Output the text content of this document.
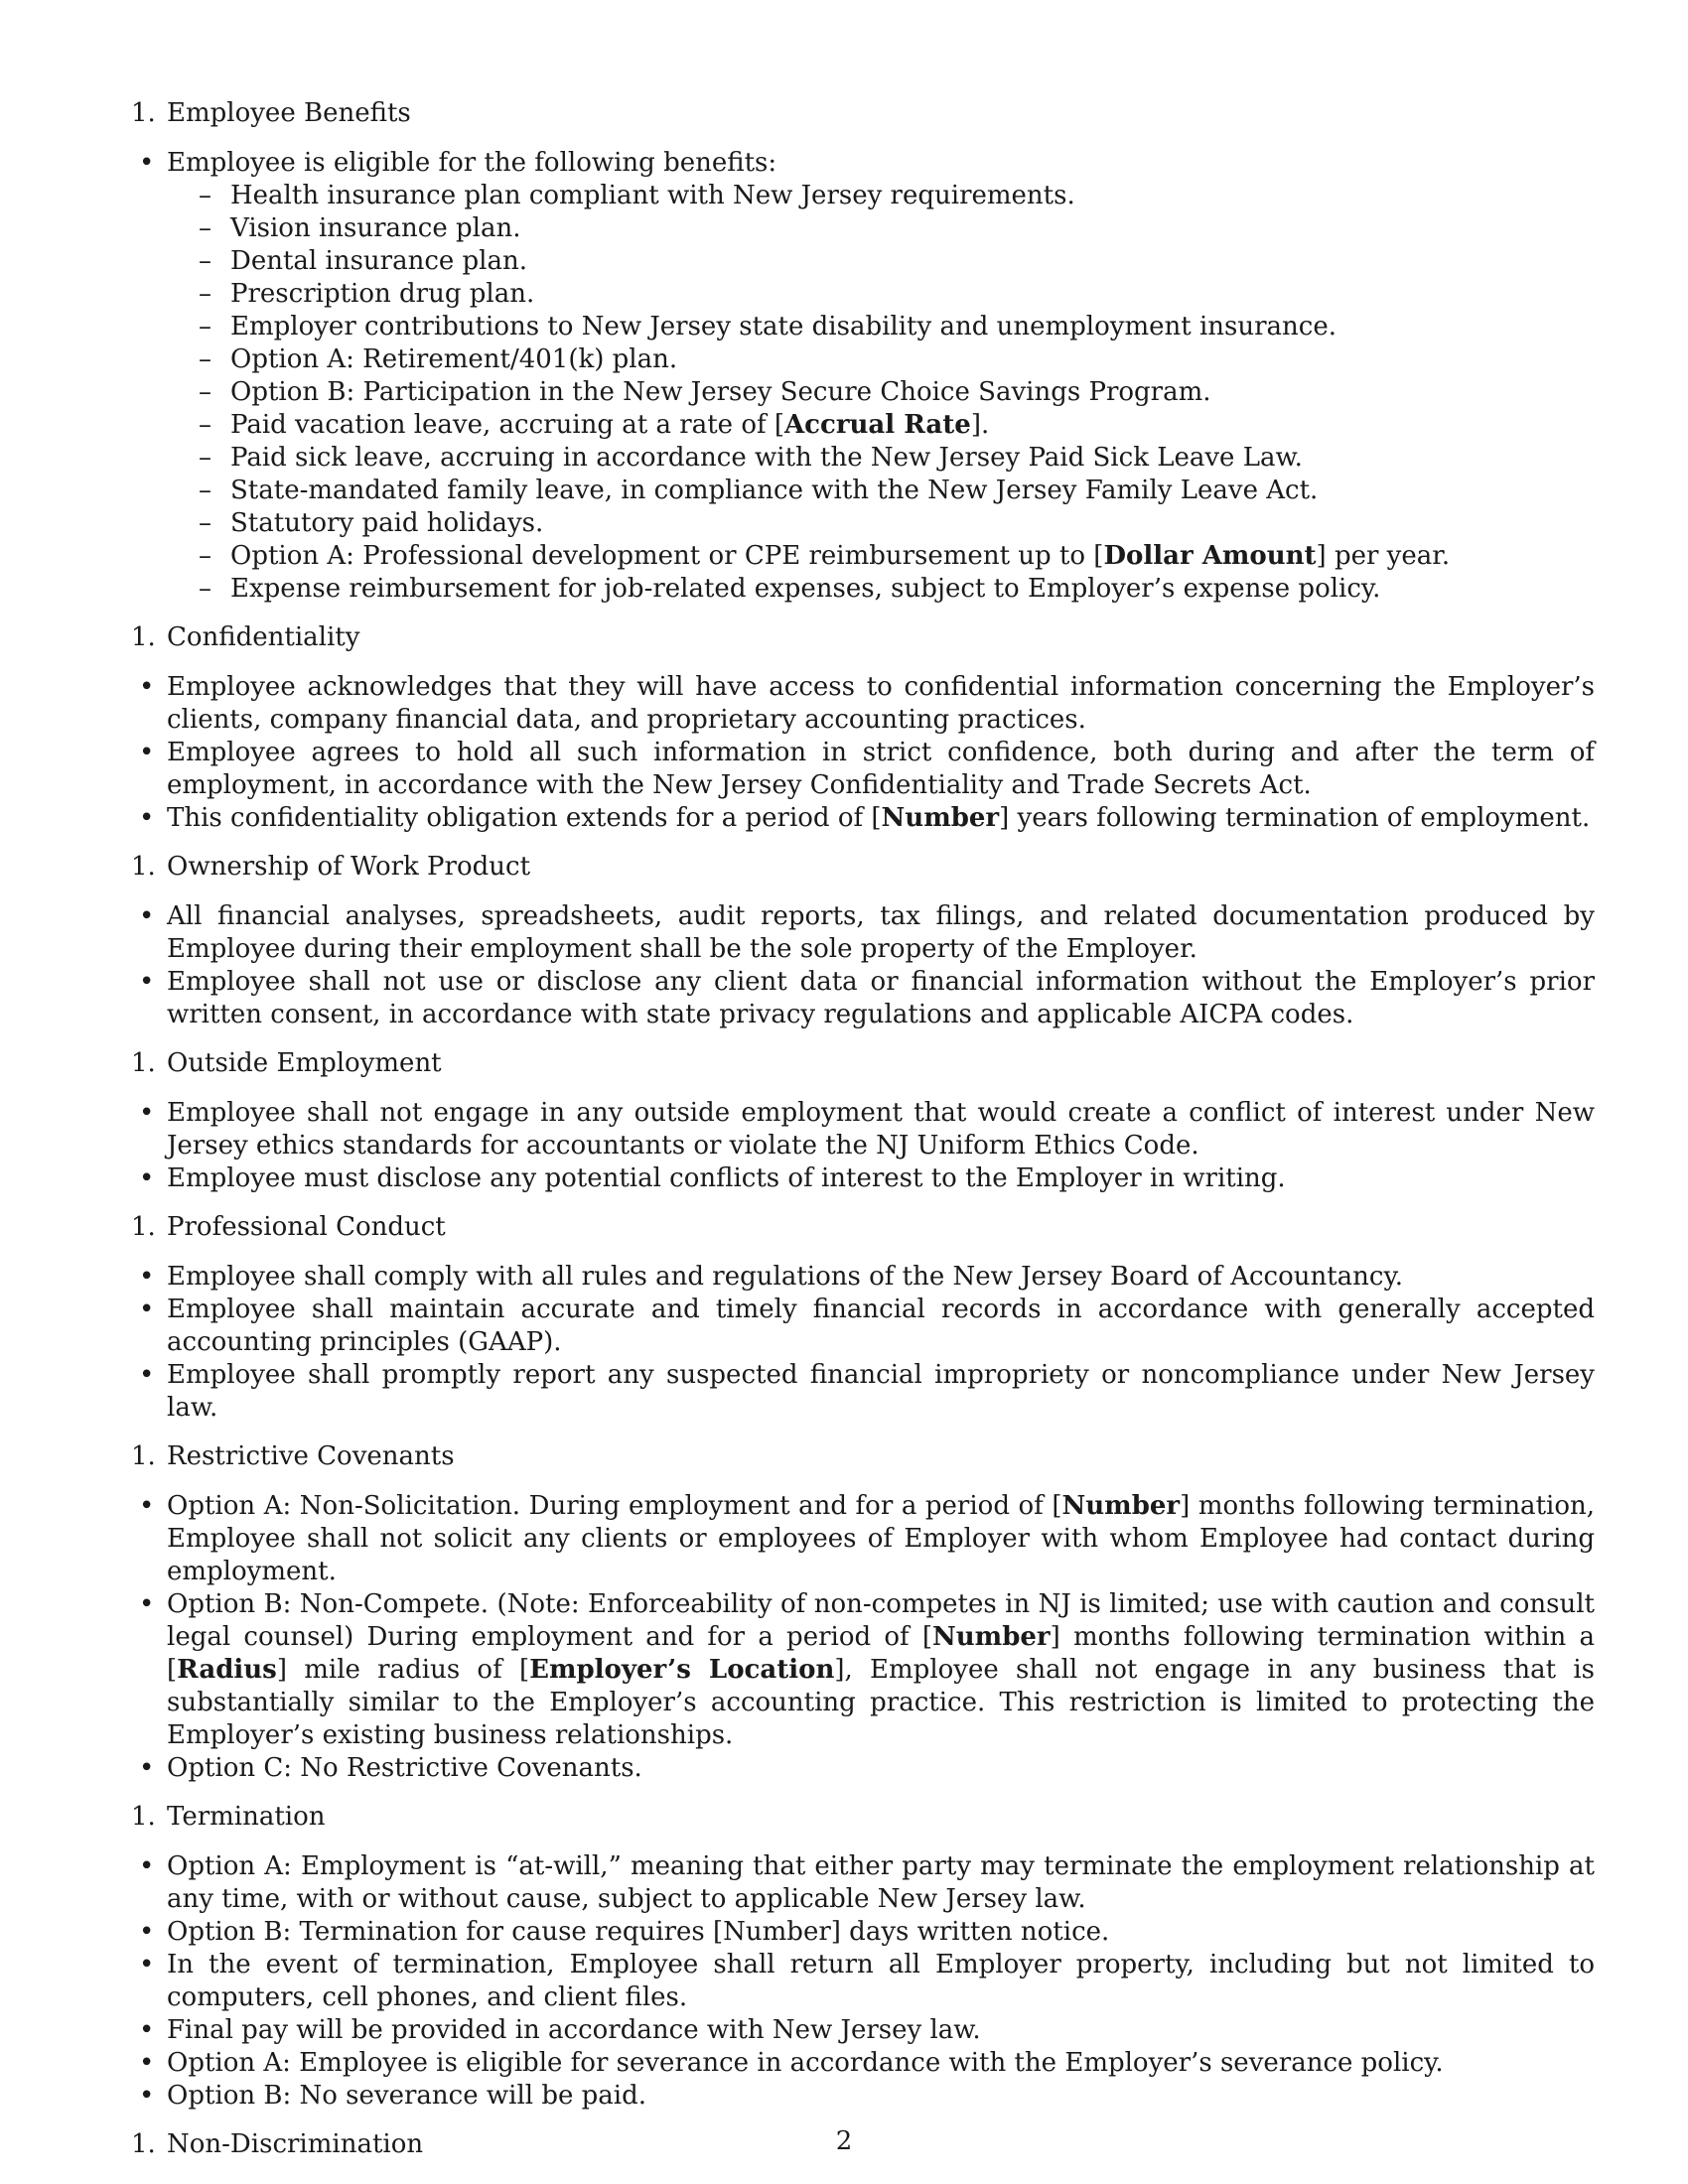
1. Employee Benefits
• Employee is eligible for the following benefits:
– Health insurance plan compliant with New Jersey requirements.
– Vision insurance plan.
– Dental insurance plan.
– Prescription drug plan.
– Employer contributions to New Jersey state disability and unemployment insurance.
– Option A: Retirement/401(k) plan.
– Option B: Participation in the New Jersey Secure Choice Savings Program.
– Paid vacation leave, accruing at a rate of [Accrual Rate].
– Paid sick leave, accruing in accordance with the New Jersey Paid Sick Leave Law.
– State-mandated family leave, in compliance with the New Jersey Family Leave Act.
– Statutory paid holidays.
– Option A: Professional development or CPE reimbursement up to [Dollar Amount] per year.
– Expense reimbursement for job-related expenses, subject to Employer’s expense policy.
1. Confidentiality
• Employee acknowledges that they will have access to confidential information concerning the Employer’s clients, company financial data, and proprietary accounting practices.
• Employee agrees to hold all such information in strict confidence, both during and after the term of employment, in accordance with the New Jersey Confidentiality and Trade Secrets Act.
• This confidentiality obligation extends for a period of [Number] years following termination of employment.
1. Ownership of Work Product
• All financial analyses, spreadsheets, audit reports, tax filings, and related documentation produced by Employee during their employment shall be the sole property of the Employer.
• Employee shall not use or disclose any client data or financial information without the Employer’s prior written consent, in accordance with state privacy regulations and applicable AICPA codes.
1. Outside Employment
• Employee shall not engage in any outside employment that would create a conflict of interest under New Jersey ethics standards for accountants or violate the NJ Uniform Ethics Code.
• Employee must disclose any potential conflicts of interest to the Employer in writing.
1. Professional Conduct
• Employee shall comply with all rules and regulations of the New Jersey Board of Accountancy.
• Employee shall maintain accurate and timely financial records in accordance with generally accepted accounting principles (GAAP).
• Employee shall promptly report any suspected financial impropriety or noncompliance under New Jersey law.
1. Restrictive Covenants
• Option A: Non-Solicitation. During employment and for a period of [Number] months following termination, Employee shall not solicit any clients or employees of Employer with whom Employee had contact during employment.
• Option B: Non-Compete. (Note: Enforceability of non-competes in NJ is limited; use with caution and consult legal counsel) During employment and for a period of [Number] months following termination within a [Radius] mile radius of [Employer’s Location], Employee shall not engage in any business that is substantially similar to the Employer’s accounting practice. This restriction is limited to protecting the Employer’s existing business relationships.
• Option C: No Restrictive Covenants.
1. Termination
• Option A: Employment is “at-will,” meaning that either party may terminate the employment relationship at any time, with or without cause, subject to applicable New Jersey law.
• Option B: Termination for cause requires [Number] days written notice.
• In the event of termination, Employee shall return all Employer property, including but not limited to computers, cell phones, and client files.
• Final pay will be provided in accordance with New Jersey law.
• Option A: Employee is eligible for severance in accordance with the Employer’s severance policy.
• Option B: No severance will be paid.
1. Non-Discrimination	2
